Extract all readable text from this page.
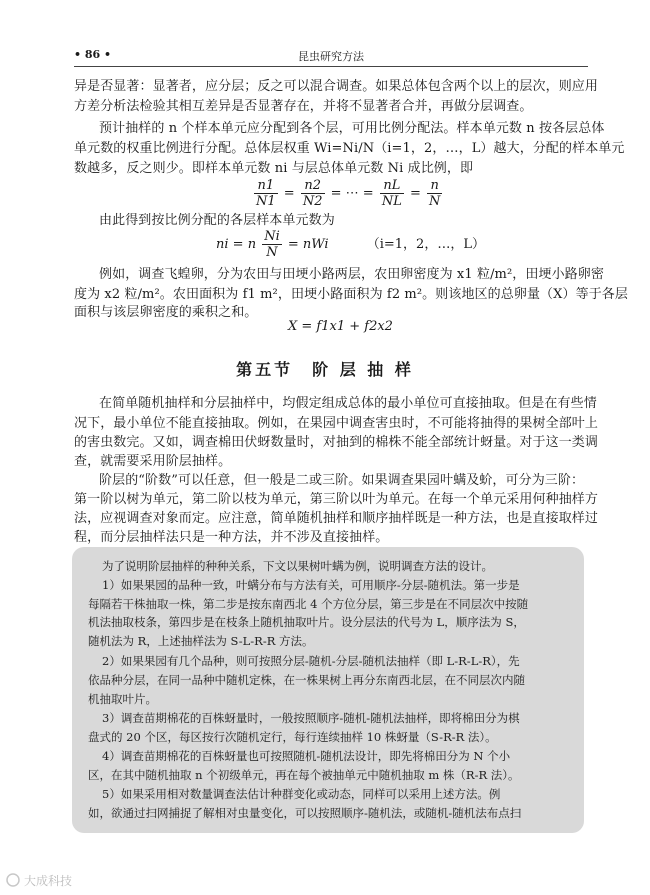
• 86 •	昆虫研究方法
异是否显著：显著者，应分层；反之可以混合调查。如果总体包含两个以上的层次，则应用
方差分析法检验其相互差异是否显著存在，并将不显著者合并，再做分层调查。
预计抽样的 n 个样本单元应分配到各个层，可用比例分配法。样本单元数 n 按各层总体
单元数的权重比例进行分配。总体层权重 Wi=Ni/N（i=1，2，…，L）越大，分配的样本单元
数越多，反之则少。即样本单元数 ni 与层总体单元数 Ni 成比例，即
$\frac{n1}{N1} = \frac{n2}{N2}$ = ⋯ = $\frac{nL}{NL} = \frac{n}{N}$
由此得到按比例分配的各层样本单元数为
ni = n $\frac{Ni}{N}$ = nWi	（i=1，2，…，L）
例如，调查飞蝗卵，分为农田与田埂小路两层，农田卵密度为 x1 粒/m²，田埂小路卵密
度为 x2 粒/m²。农田面积为 f1 m²，田埂小路面积为 f2 m²。则该地区的总卵量（X）等于各层
面积与该层卵密度的乘积之和。
X = f1x1 + f2x2
第五节　阶 层 抽 样
在简单随机抽样和分层抽样中，均假定组成总体的最小单位可直接抽取。但是在有些情
况下，最小单位不能直接抽取。例如，在果园中调查害虫时，不可能将抽得的果树全部叶上
的害虫数完。又如，调查棉田伏蚜数量时，对抽到的棉株不能全部统计蚜量。对于这一类调
查，就需要采用阶层抽样。
阶层的“阶数”可以任意，但一般是二或三阶。如果调查果园叶螨及蚧，可分为三阶：
第一阶以树为单元，第二阶以枝为单元，第三阶以叶为单元。在每一个单元采用何种抽样方
法，应视调查对象而定。应注意，简单随机抽样和顺序抽样既是一种方法，也是直接取样过
程，而分层抽样法只是一种方法，并不涉及直接抽样。
为了说明阶层抽样的种种关系，下文以果树叶螨为例，说明调查方法的设计。
1）如果果园的品种一致，叶螨分布与方法有关，可用顺序-分层-随机法。第一步是
每隔若干株抽取一株，第二步是按东南西北 4 个方位分层，第三步是在不同层次中按随
机法抽取枝条，第四步是在枝条上随机抽取叶片。设分层法的代号为 L，顺序法为 S，
随机法为 R，上述抽样法为 S-L-R-R 方法。
2）如果果园有几个品种，则可按照分层-随机-分层-随机法抽样（即 L-R-L-R），先
依品种分层，在同一品种中随机定株，在一株果树上再分东南西北层，在不同层次内随
机抽取叶片。
3）调查苗期棉花的百株蚜量时，一般按照顺序-随机-随机法抽样，即将棉田分为棋
盘式的 20 个区，每区按行次随机定行，每行连续抽样 10 株蚜量（S-R-R 法）。
4）调查苗期棉花的百株蚜量也可按照随机-随机法设计，即先将棉田分为 N 个小
区，在其中随机抽取 n 个初级单元，再在每个被抽单元中随机抽取 m 株（R-R 法）。
5）如果采用相对数量调查法估计种群变化或动态，同样可以采用上述方法。例
如，欲通过扫网捕捉了解相对虫量变化，可以按照顺序-随机法，或随机-随机法布点扫
大成科技
